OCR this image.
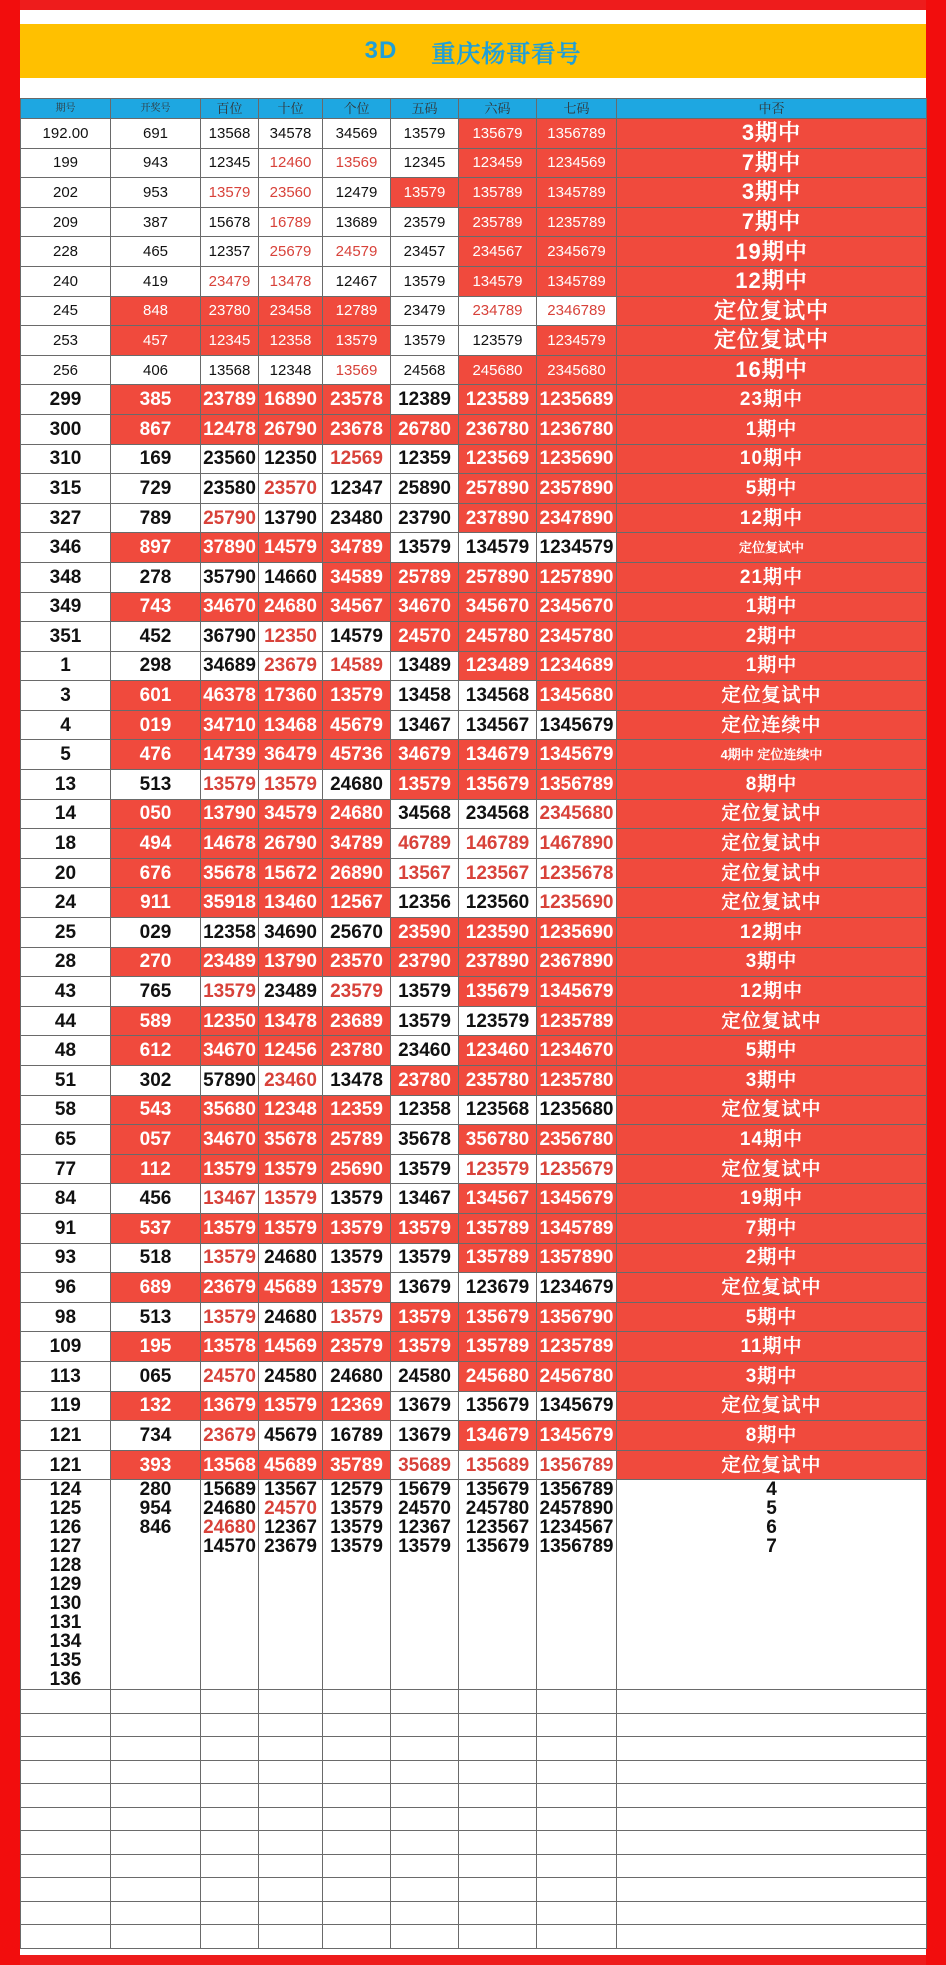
3D 重庆杨哥看号
期号	开奖号	百位	十位	个位	五码	六码	七码	中否
192.00	691	13568	34578	34569	13579	135679	1356789	3期中
199	943	12345	12460	13569	12345	123459	1234569	7期中
202	953	13579	23560	12479	13579	135789	1345789	3期中
209	387	15678	16789	13689	23579	235789	1235789	7期中
228	465	12357	25679	24579	23457	234567	2345679	19期中
240	419	23479	13478	12467	13579	134579	1345789	12期中
245	848	23780	23458	12789	23479	234789	2346789	定位复试中
253	457	12345	12358	13579	13579	123579	1234579	定位复试中
256	406	13568	12348	13569	24568	245680	2345680	16期中
299	385	23789	16890	23578	12389	123589	1235689	23期中
300	867	12478	26790	23678	26780	236780	1236780	1期中
310	169	23560	12350	12569	12359	123569	1235690	10期中
315	729	23580	23570	12347	25890	257890	2357890	5期中
327	789	25790	13790	23480	23790	237890	2347890	12期中
346	897	37890	14579	34789	13579	134579	1234579	定位复试中
348	278	35790	14660	34589	25789	257890	1257890	21期中
349	743	34670	24680	34567	34670	345670	2345670	1期中
351	452	36790	12350	14579	24570	245780	2345780	2期中
1	298	34689	23679	14589	13489	123489	1234689	1期中
3	601	46378	17360	13579	13458	134568	1345680	定位复试中
4	019	34710	13468	45679	13467	134567	1345679	定位连续中
5	476	14739	36479	45736	34679	134679	1345679	4期中 定位连续中
13	513	13579	13579	24680	13579	135679	1356789	8期中
14	050	13790	34579	24680	34568	234568	2345680	定位复试中
18	494	14678	26790	34789	46789	146789	1467890	定位复试中
20	676	35678	15672	26890	13567	123567	1235678	定位复试中
24	911	35918	13460	12567	12356	123560	1235690	定位复试中
25	029	12358	34690	25670	23590	123590	1235690	12期中
28	270	23489	13790	23570	23790	237890	2367890	3期中
43	765	13579	23489	23579	13579	135679	1345679	12期中
44	589	12350	13478	23689	13579	123579	1235789	定位复试中
48	612	34670	12456	23780	23460	123460	1234670	5期中
51	302	57890	23460	13478	23780	235780	1235780	3期中
58	543	35680	12348	12359	12358	123568	1235680	定位复试中
65	057	34670	35678	25789	35678	356780	2356780	14期中
77	112	13579	13579	25690	13579	123579	1235679	定位复试中
84	456	13467	13579	13579	13467	134567	1345679	19期中
91	537	13579	13579	13579	13579	135789	1345789	7期中
93	518	13579	24680	13579	13579	135789	1357890	2期中
96	689	23679	45689	13579	13679	123679	1234679	定位复试中
98	513	13579	24680	13579	13579	135679	1356790	5期中
109	195	13578	14569	23579	13579	135789	1235789	11期中
113	065	24570	24580	24680	24580	245680	2456780	3期中
119	132	13679	13579	12369	13679	135679	1345679	定位复试中
121	734	23679	45679	16789	13679	134679	1345679	8期中
121	393	13568	45689	35789	35689	135689	1356789	定位复试中
124	280	15689	13567	12579	15679	135679	1356789	4
125	954	24680	24570	13579	24570	245780	2457890	5
126	846	24680	12367	13579	12367	123567	1234567	6
127		14570	23679	13579	13579	135679	1356789	7
128								
129								
130								
131								
134								
135								
136								
